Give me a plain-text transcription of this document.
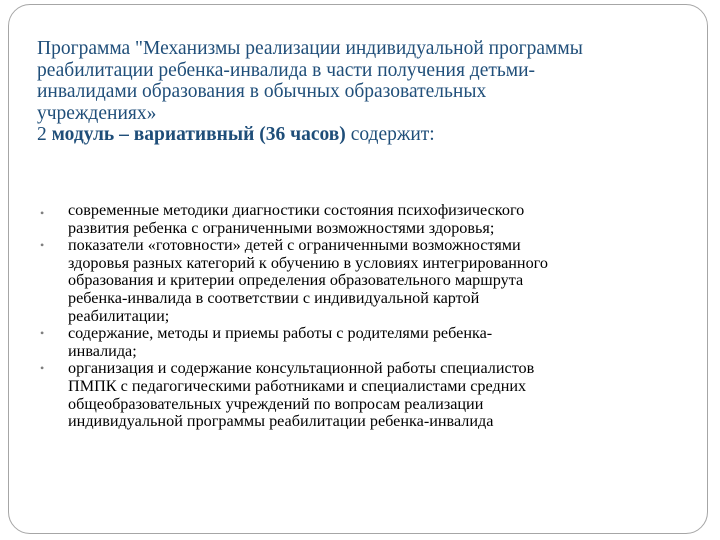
Программа "Механизмы реализации индивидуальной программы
реабилитации ребенка-инвалида в части получения детьми-
инвалидами образования в обычных образовательных
учреждениях»
2 модуль – вариативный (36 часов) содержит:
• современные методики диагностики состояния психофизического
развития ребенка с ограниченными возможностями здоровья;
• показатели «готовности» детей с ограниченными возможностями
здоровья разных категорий к обучению в условиях интегрированного
образования и критерии определения образовательного маршрута
ребенка-инвалида в соответствии с индивидуальной картой
реабилитации;
• содержание, методы и приемы работы с родителями ребенка-
инвалида;
• организация и содержание консультационной работы специалистов
ПМПК с педагогическими работниками и специалистами средних
общеобразовательных учреждений по вопросам реализации
индивидуальной программы реабилитации ребенка-инвалида
